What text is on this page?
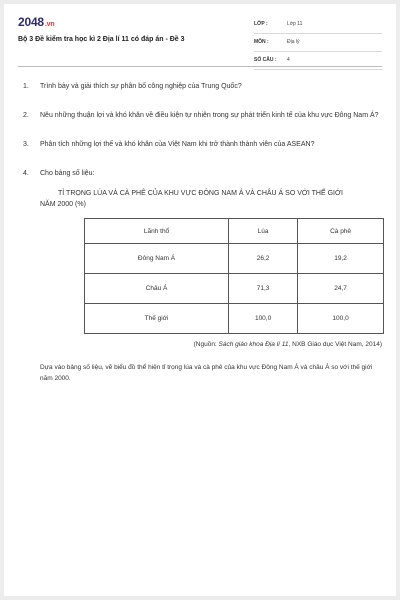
2048.vn
Bộ 3 Đề kiểm tra học kì 2 Địa lí 11 có đáp án - Đề 3
LỚP :	Lớp 11
MÔN :	Địa lý
SỐ CÂU : 4
1. Trình bày và giải thích sự phân bố công nghiệp của Trung Quốc?
2. Nêu những thuận lợi và khó khăn về điều kiện tự nhiên trong sự phát triển kinh tế của khu vực Đông Nam Á?
3. Phân tích những lợi thế và khó khăn của Việt Nam khi trở thành thành viên của ASEAN?
4. Cho bảng số liệu:
TỈ TRỌNG LÚA VÀ CÀ PHÊ CỦA KHU VỰC ĐÔNG NAM Á VÀ CHÂU Á SO VỚI THẾ GIỚI
NĂM 2000 (%)
Lãnh thổ	Lúa	Cà phê
Đông Nam Á	26,2	19,2
Châu Á	71,3	24,7
Thế giới	100,0	100,0
(Nguồn: Sách giáo khoa Địa lí 11, NXB Giáo dục Việt Nam, 2014)
Dựa vào bảng số liệu, vẽ biểu đồ thể hiện tỉ trọng lúa và cà phê của khu vực Đông Nam Á và châu Á so với thế giới năm 2000.
